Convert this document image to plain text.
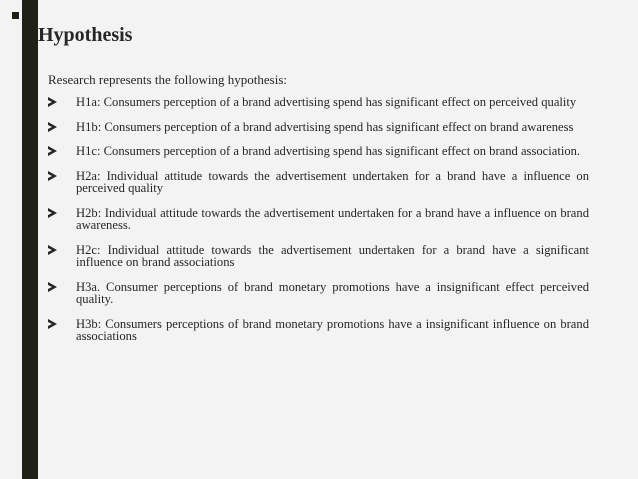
Hypothesis

Research represents the following hypothesis:

H1a: Consumers perception of a brand advertising spend has significant effect on perceived quality
H1b: Consumers perception of a brand advertising spend has significant effect on brand awareness
H1c: Consumers perception of a brand advertising spend has significant effect on brand association.
H2a: Individual attitude towards the advertisement undertaken for a brand have a influence on perceived quality
H2b: Individual attitude towards the advertisement undertaken for a brand have a influence on brand awareness.
H2c: Individual attitude towards the advertisement undertaken for a brand have a significant influence on brand associations
H3a. Consumer perceptions of brand monetary promotions have a insignificant effect perceived quality.
H3b: Consumers perceptions of brand monetary promotions have a insignificant influence on brand associations
